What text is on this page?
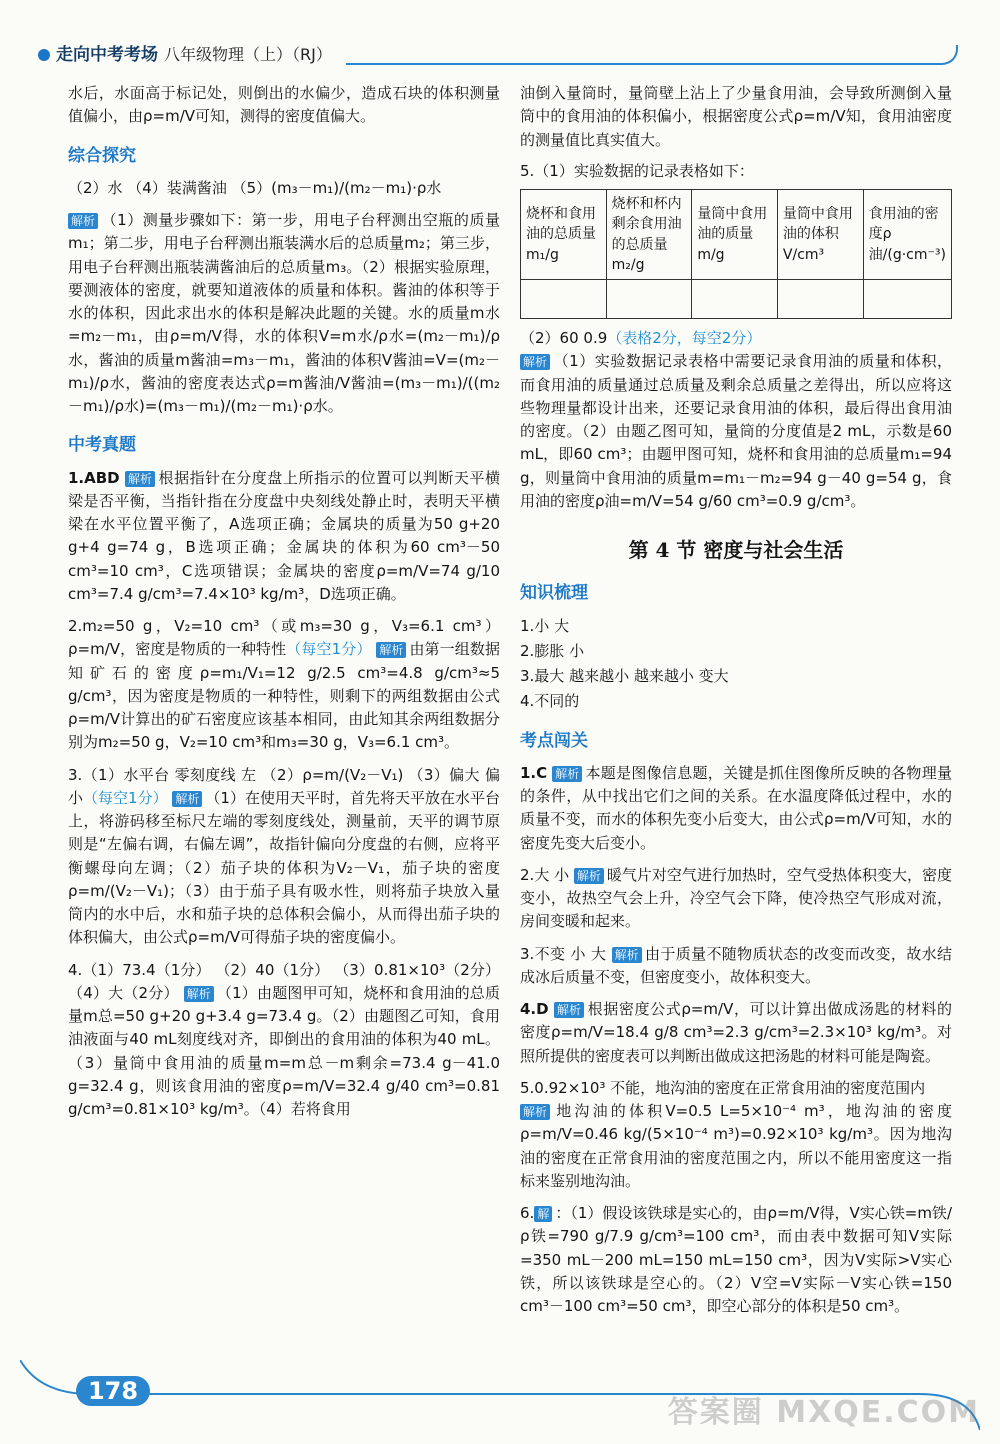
走向中考考场 八年级物理（上）（RJ）

水后，水面高于标记处，则倒出的水偏少，造成石块的体积测量值偏小，由ρ=m/V可知，测得的密度值偏大。

综合探究

（2）水 （4）装满酱油 （5）(m₃－m₁)/(m₂－m₁)·ρ水

解析 （1）测量步骤如下：第一步，用电子台秤测出空瓶的质量m₁；第二步，用电子台秤测出瓶装满水后的总质量m₂；第三步，用电子台秤测出瓶装满酱油后的总质量m₃。（2）根据实验原理，要测液体的密度，就要知道液体的质量和体积。酱油的体积等于水的体积，因此求出水的体积是解决此题的关键。水的质量m水=m₂－m₁，由ρ=m/V得，水的体积V=m水/ρ水=(m₂－m₁)/ρ水，酱油的质量m酱油=m₃－m₁，酱油的体积V酱油=V=(m₂－m₁)/ρ水，酱油的密度表达式ρ=m酱油/V酱油=(m₃－m₁)/((m₂－m₁)/ρ水)=(m₃－m₁)/(m₂－m₁)·ρ水。

中考真题

1.ABD 解析 根据指针在分度盘上所指示的位置可以判断天平横梁是否平衡，当指针指在分度盘中央刻线处静止时，表明天平横梁在水平位置平衡了，A选项正确；金属块的质量为50 g+20 g+4 g=74 g，B选项正确；金属块的体积为60 cm³－50 cm³=10 cm³，C选项错误；金属块的密度ρ=m/V=74 g/10 cm³=7.4 g/cm³=7.4×10³ kg/m³，D选项正确。

2.m₂=50 g，V₂=10 cm³（或m₃=30 g，V₃=6.1 cm³） ρ=m/V，密度是物质的一种特性（每空1分） 解析 由第一组数据知矿石的密度ρ=m₁/V₁=12 g/2.5 cm³=4.8 g/cm³≈5 g/cm³，因为密度是物质的一种特性，则剩下的两组数据由公式ρ=m/V计算出的矿石密度应该基本相同，由此知其余两组数据分别为m₂=50 g，V₂=10 cm³和m₃=30 g，V₃=6.1 cm³。

3.（1）水平台 零刻度线 左 （2）ρ=m/(V₂－V₁) （3）偏大 偏小（每空1分） 解析 （1）在使用天平时，首先将天平放在水平台上，将游码移至标尺左端的零刻度线处，测量前，天平的调节原则是“左偏右调，右偏左调”，故指针偏向分度盘的右侧，应将平衡螺母向左调；（2）茄子块的体积为V₂－V₁，茄子块的密度ρ=m/(V₂－V₁)；（3）由于茄子具有吸水性，则将茄子块放入量筒内的水中后，水和茄子块的总体积会偏小，从而得出茄子块的体积偏大，由公式ρ=m/V可得茄子块的密度偏小。

4.（1）73.4（1分） （2）40（1分） （3）0.81×10³（2分） （4）大（2分） 解析 （1）由题图甲可知，烧杯和食用油的总质量m总=50 g+20 g+3.4 g=73.4 g。（2）由题图乙可知，食用油液面与40 mL刻度线对齐，即倒出的食用油的体积为40 mL。（3）量筒中食用油的质量m=m总－m剩余=73.4 g－41.0 g=32.4 g，则该食用油的密度ρ=m/V=32.4 g/40 cm³=0.81 g/cm³=0.81×10³ kg/m³。（4）若将食用

油倒入量筒时，量筒壁上沾上了少量食用油，会导致所测倒入量筒中的食用油的体积偏小，根据密度公式ρ=m/V知，食用油密度的测量值比真实值大。

5.（1）实验数据的记录表格如下：

烧杯和食用油的总质量m₁/g	烧杯和杯内剩余食用油的总质量m₂/g	量筒中食用油的质量m/g	量筒中食用油的体积V/cm³	食用油的密度ρ油/(g·cm⁻³)

（2）60 0.9（表格2分，每空2分）
解析 （1）实验数据记录表格中需要记录食用油的质量和体积，而食用油的质量通过总质量及剩余总质量之差得出，所以应将这些物理量都设计出来，还要记录食用油的体积，最后得出食用油的密度。（2）由题乙图可知，量筒的分度值是2 mL，示数是60 mL，即60 cm³；由题甲图可知，烧杯和食用油的总质量m₁=94 g，则量筒中食用油的质量m=m₁－m₂=94 g－40 g=54 g，食用油的密度ρ油=m/V=54 g/60 cm³=0.9 g/cm³。

第 4 节 密度与社会生活
知识梳理
1.小 大
2.膨胀 小
3.最大 越来越小 越来越小 变大
4.不同的
考点闯关

1.C 解析 本题是图像信息题，关键是抓住图像所反映的各物理量的条件，从中找出它们之间的关系。在水温度降低过程中，水的质量不变，而水的体积先变小后变大，由公式ρ=m/V可知，水的密度先变大后变小。

2.大 小 解析 暖气片对空气进行加热时，空气受热体积变大，密度变小，故热空气会上升，冷空气会下降，使冷热空气形成对流，房间变暖和起来。

3.不变 小 大 解析 由于质量不随物质状态的改变而改变，故水结成冰后质量不变，但密度变小，故体积变大。

4.D 解析 根据密度公式ρ=m/V，可以计算出做成汤匙的材料的密度ρ=m/V=18.4 g/8 cm³=2.3 g/cm³=2.3×10³ kg/m³。对照所提供的密度表可以判断出做成这把汤匙的材料可能是陶瓷。

5.0.92×10³ 不能，地沟油的密度在正常食用油的密度范围内
解析 地沟油的体积V=0.5 L=5×10⁻⁴ m³，地沟油的密度ρ=m/V=0.46 kg/(5×10⁻⁴ m³)=0.92×10³ kg/m³。因为地沟油的密度在正常食用油的密度范围之内，所以不能用密度这一指标来鉴别地沟油。

6. 解 ：（1）假设该铁球是实心的，由ρ=m/V得，V实心铁=m铁/ρ铁=790 g/7.9 g/cm³=100 cm³，而由表中数据可知V实际=350 mL－200 mL=150 mL=150 cm³，因为V实际>V实心铁，所以该铁球是空心的。（2）V空=V实际－V实心铁=150 cm³－100 cm³=50 cm³，即空心部分的体积是50 cm³。

178
答案圈 MXQE.COM
